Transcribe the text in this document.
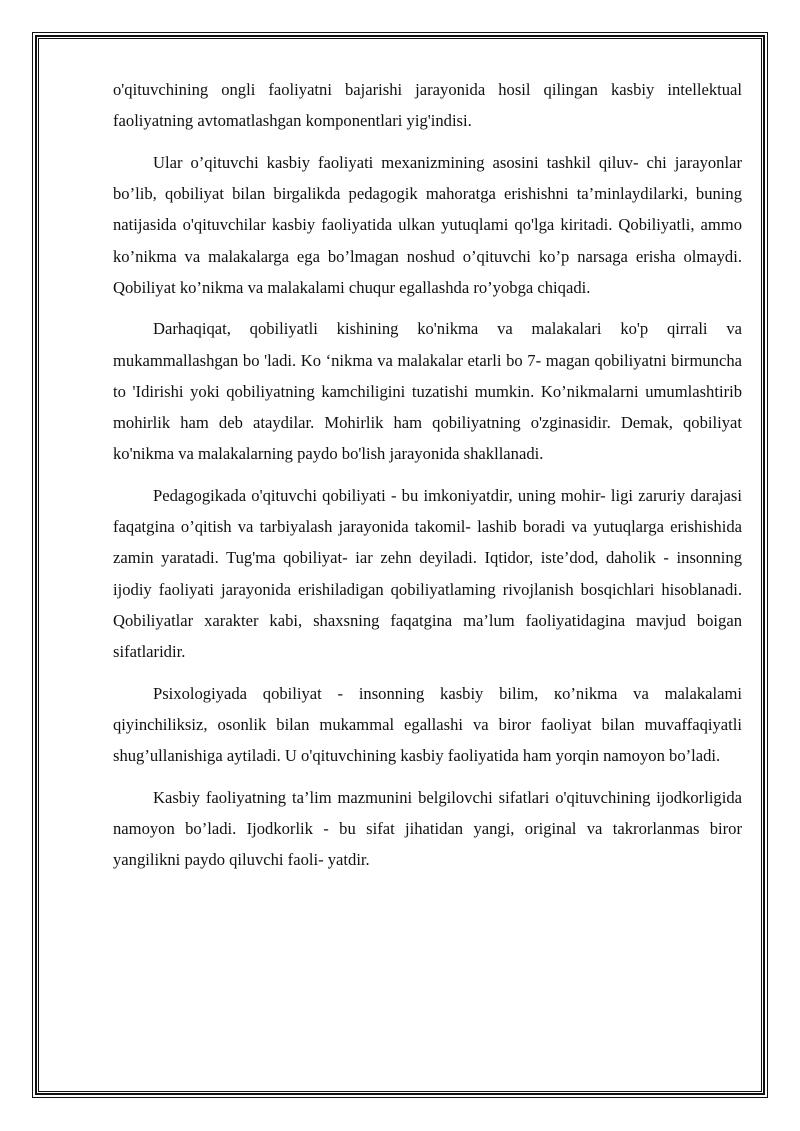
o'qituvchining ongli faoliyatni bajarishi jarayonida hosil qilingan kasbiy intellektual faoliyatning avtomatlashgan komponentlari yig'indisi.

Ular o’qituvchi kasbiy faoliyati mexanizmining asosini tashkil qiluv- chi jarayonlar bo’lib, qobiliyat bilan birgalikda pedagogik mahoratga erishishni ta’minlaydilarki, buning natijasida o'qituvchilar kasbiy faoliyatida ulkan yutuqlami qo'lga kiritadi. Qobiliyatli, ammo ko’nikma va malakalarga ega bo’lmagan noshud o’qituvchi ko’p narsaga erisha olmaydi. Qobiliyat ko’nikma va malakalami chuqur egallashda ro’yobga chiqadi.

Darhaqiqat, qobiliyatli kishining ko'nikma va malakalari ko'p qirrali va mukammallashgan bo 'ladi. Ko ‘nikma va malakalar etarli bo 7- magan qobiliyatni birmuncha to 'Idirishi yoki qobiliyatning kamchiligini tuzatishi mumkin. Ko’nikmalarni umumlashtirib mohirlik ham deb ataydilar. Mohirlik ham qobiliyatning o'zginasidir. Demak, qobiliyat ko'nikma va malakalarning paydo bo'lish jarayonida shakllanadi.

Pedagogikada o'qituvchi qobiliyati - bu imkoniyatdir, uning mohir- ligi zaruriy darajasi faqatgina o’qitish va tarbiyalash jarayonida takomil- lashib boradi va yutuqlarga erishishida zamin yaratadi. Tug'ma qobiliyat- iar zehn deyiladi. Iqtidor, iste’dod, daholik - insonning ijodiy faoliyati jarayonida erishiladigan qobiliyatlaming rivojlanish bosqichlari hisoblanadi. Qobiliyatlar xarakter kabi, shaxsning faqatgina ma’lum faoliyatidagina mavjud boigan sifatlaridir.

Psixologiyada qobiliyat - insonning kasbiy bilim, кo’nikma va malakalami qiyinchiliksiz, osonlik bilan mukammal egallashi va biror faoliyat bilan muvaffaqiyatli shug’ullanishiga aytiladi. U o'qituvchining kasbiy faoliyatida ham yorqin namoyon bo’ladi.

Kasbiy faoliyatning ta’lim mazmunini belgilovchi sifatlari o'qituvchining ijodkorligida namoyon bo’ladi. Ijodkorlik - bu sifat jihatidan yangi, original va takrorlanmas biror yangilikni paydo qiluvchi faoli- yatdir.
